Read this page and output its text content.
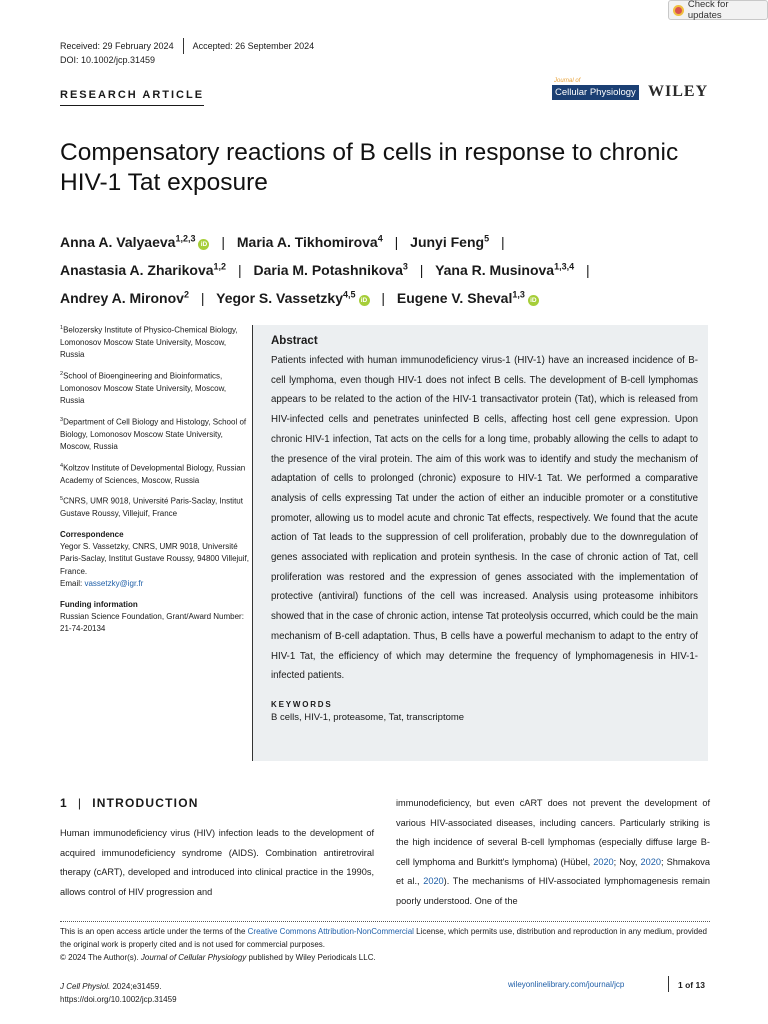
Check for updates
Received: 29 February 2024 Accepted: 26 September 2024
DOI: 10.1002/jcp.31459
RESEARCH ARTICLE
Journal of
Cellular Physiology WILEY
Compensatory reactions of B cells in response to chronic HIV-1 Tat exposure
Anna A. Valyaeva$^{1,2,3}$iD | Maria A. Tikhomirova$^4$ | Junyi Feng$^5$ |
Anastasia A. Zharikova$^{1,2}$ | Daria M. Potashnikova$^3$ | Yana R. Musinova$^{1,3,4}$ |
Andrey A. Mironov$^2$ | Yegor S. Vassetzky$^{4,5}$iD | Eugene V. Sheval$^{1,3}$iD
$^1$Belozersky Institute of Physico-Chemical Biology, Lomonosov Moscow State University, Moscow, Russia
$^2$School of Bioengineering and Bioinformatics, Lomonosov Moscow State University, Moscow, Russia
$^3$Department of Cell Biology and Histology, School of Biology, Lomonosov Moscow State University, Moscow, Russia
$^4$Koltzov Institute of Developmental Biology, Russian Academy of Sciences, Moscow, Russia
$^5$CNRS, UMR 9018, Université Paris-Saclay, Institut Gustave Roussy, Villejuif, France
Correspondence
Yegor S. Vassetzky, CNRS, UMR 9018, Université Paris-Saclay, Institut Gustave Roussy, 94800 Villejuif, France.
Email: vassetzky@igr.fr
Funding information
Russian Science Foundation, Grant/Award Number: 21-74-20134
Abstract
Patients infected with human immunodeficiency virus-1 (HIV-1) have an increased incidence of B-cell lymphoma, even though HIV-1 does not infect B cells. The development of B-cell lymphomas appears to be related to the action of the HIV-1 transactivator protein (Tat), which is released from HIV-infected cells and penetrates uninfected B cells, affecting host cell gene expression. Upon chronic HIV-1 infection, Tat acts on the cells for a long time, probably allowing the cells to adapt to the presence of the viral protein. The aim of this work was to identify and study the mechanism of adaptation of cells to prolonged (chronic) exposure to HIV-1 Tat. We performed a comparative analysis of cells expressing Tat under the action of either an inducible promoter or a constitutive promoter, allowing us to model acute and chronic Tat effects, respectively. We found that the acute action of Tat leads to the suppression of cell proliferation, probably due to the downregulation of genes associated with replication and protein synthesis. In the case of chronic action of Tat, cell proliferation was restored and the expression of genes associated with the implementation of protective (antiviral) functions of the cell was increased. Analysis using proteasome inhibitors showed that in the case of chronic action, intense Tat proteolysis occurred, which could be the main mechanism of B-cell adaptation. Thus, B cells have a powerful mechanism to adapt to the entry of HIV-1 Tat, the efficiency of which may determine the frequency of lymphomagenesis in HIV-1-infected patients.
KEYWORDS
B cells, HIV-1, proteasome, Tat, transcriptome
1 | INTRODUCTION
Human immunodeficiency virus (HIV) infection leads to the development of acquired immunodeficiency syndrome (AIDS). Combination antiretroviral therapy (cART), developed and introduced into clinical practice in the 1990s, allows control of HIV progression and
immunodeficiency, but even cART does not prevent the development of various HIV-associated diseases, including cancers. Particularly striking is the high incidence of several B-cell lymphomas (especially diffuse large B-cell lymphoma and Burkitt's lymphoma) (Hübel, 2020; Noy, 2020; Shmakova et al., 2020). The mechanisms of HIV-associated lymphomagenesis remain poorly understood. One of the
This is an open access article under the terms of the Creative Commons Attribution-NonCommercial License, which permits use, distribution and reproduction in any medium, provided the original work is properly cited and is not used for commercial purposes.
© 2024 The Author(s). Journal of Cellular Physiology published by Wiley Periodicals LLC.
J Cell Physiol. 2024;e31459.
https://doi.org/10.1002/jcp.31459
wileyonlinelibrary.com/journal/jcp	1 of 13
